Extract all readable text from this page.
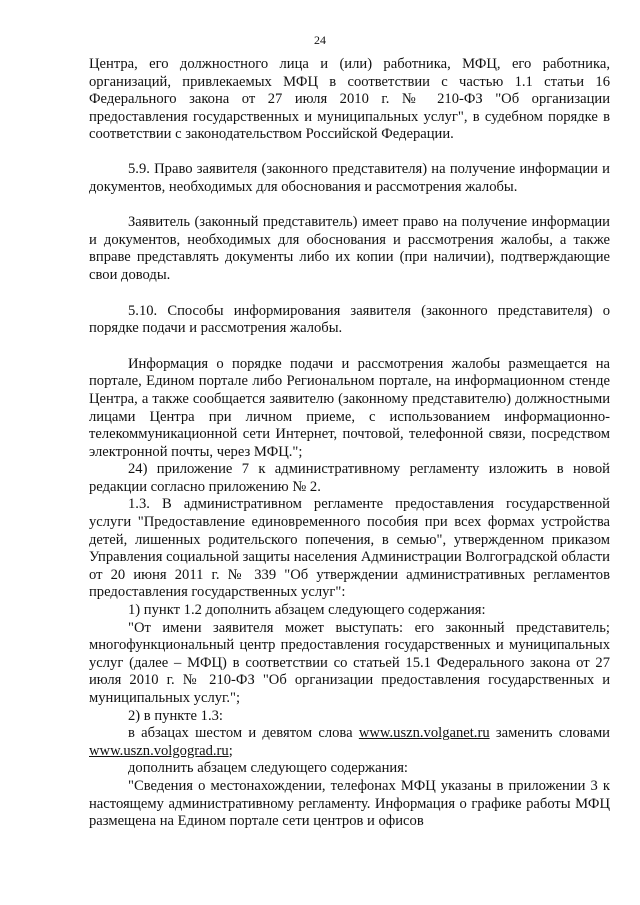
24

Центра, его должностного лица и (или) работника, МФЦ, его работника, организаций, привлекаемых МФЦ в соответствии с частью 1.1 статьи 16 Федерального закона от 27 июля 2010 г. № 210-ФЗ "Об организации предоставления государственных и муниципальных услуг", в судебном порядке в соответствии с законодательством Российской Федерации.

5.9. Право заявителя (законного представителя) на получение информации и документов, необходимых для обоснования и рассмотрения жалобы.

Заявитель (законный представитель) имеет право на получение информации и документов, необходимых для обоснования и рассмотрения жалобы, а также вправе представлять документы либо их копии (при наличии), подтверждающие свои доводы.

5.10. Способы информирования заявителя (законного представителя) о порядке подачи и рассмотрения жалобы.

Информация о порядке подачи и рассмотрения жалобы размещается на портале, Едином портале либо Региональном портале, на информационном стенде Центра, а также сообщается заявителю (законному представителю) должностными лицами Центра при личном приеме, с использованием информационно-телекоммуникационной сети Интернет, почтовой, телефонной связи, посредством электронной почты, через МФЦ.";

24) приложение 7 к административному регламенту изложить в новой редакции согласно приложению № 2.

1.3. В административном регламенте предоставления государственной услуги "Предоставление единовременного пособия при всех формах устройства детей, лишенных родительского попечения, в семью", утвержденном приказом Управления социальной защиты населения Администрации Волгоградской области от 20 июня 2011 г. № 339 "Об утверждении административных регламентов предоставления государственных услуг":

1) пункт 1.2 дополнить абзацем следующего содержания:

"От имени заявителя может выступать: его законный представитель; многофункциональный центр предоставления государственных и муниципальных услуг (далее – МФЦ) в соответствии со статьей 15.1 Федерального закона от 27 июля 2010 г. № 210-ФЗ "Об организации предоставления государственных и муниципальных услуг.";

2) в пункте 1.3:

в абзацах шестом и девятом слова www.uszn.volganet.ru заменить словами www.uszn.volgograd.ru;

дополнить абзацем следующего содержания:

"Сведения о местонахождении, телефонах МФЦ указаны в приложении 3 к настоящему административному регламенту. Информация о графике работы МФЦ размещена на Едином портале сети центров и офисов
